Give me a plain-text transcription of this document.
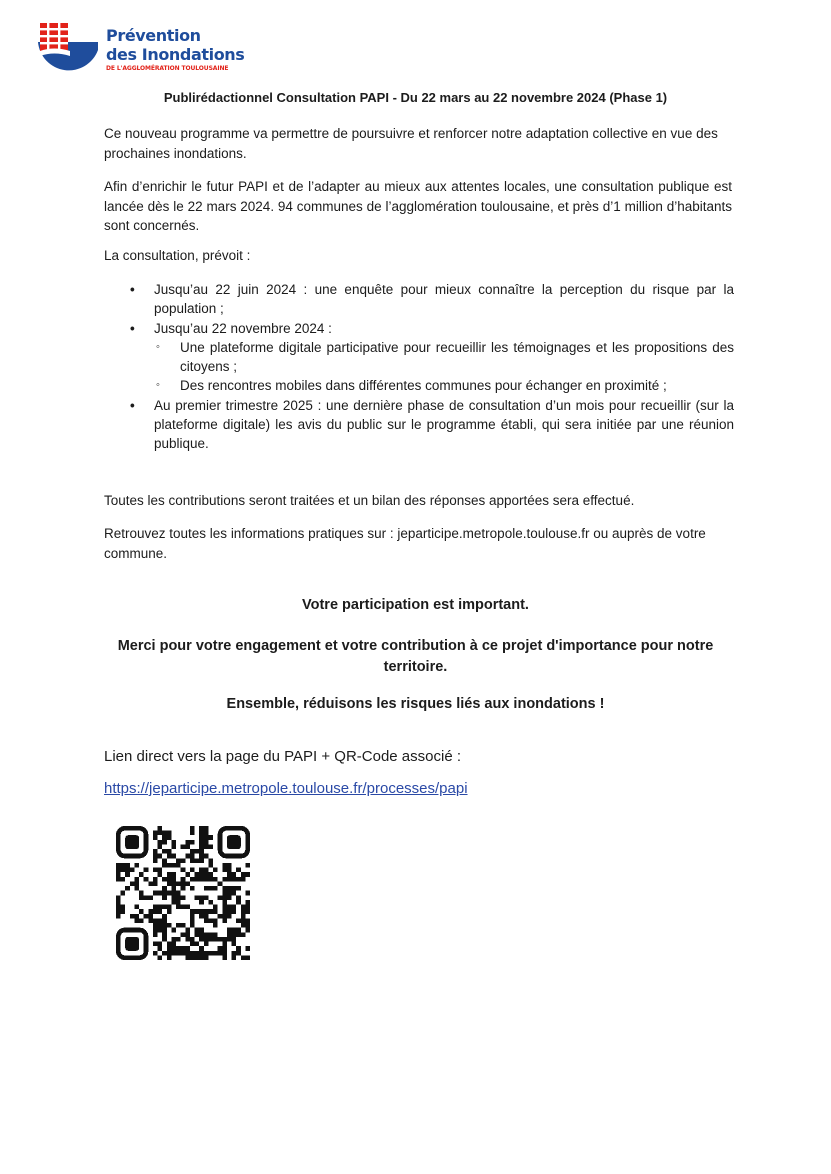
Prévention
des Inondations
DE L'AGGLOMÉRATION TOULOUSAINE
Publirédactionnel Consultation PAPI - Du 22 mars au 22 novembre 2024 (Phase 1)

Ce nouveau programme va permettre de poursuivre et renforcer notre adaptation collective en vue des prochaines inondations.

Afin d’enrichir le futur PAPI et de l’adapter au mieux aux attentes locales, une consultation publique est lancée dès le 22 mars 2024. 94 communes de l’agglomération toulousaine, et près d’1 million d’habitants sont concernés.

La consultation, prévoit :

• Jusqu’au 22 juin 2024 : une enquête pour mieux connaître la perception du risque par la population ;
• Jusqu’au 22 novembre 2024 :
◦ Une plateforme digitale participative pour recueillir les témoignages et les propositions des citoyens ;
◦ Des rencontres mobiles dans différentes communes pour échanger en proximité ;
• Au premier trimestre 2025 : une dernière phase de consultation d’un mois pour recueillir (sur la plateforme digitale) les avis du public sur le programme établi, qui sera initiée par une réunion publique.

Toutes les contributions seront traitées et un bilan des réponses apportées sera effectué.

Retrouvez toutes les informations pratiques sur : jeparticipe.metropole.toulouse.fr ou auprès de votre commune.

Votre participation est important.
Merci pour votre engagement et votre contribution à ce projet d'importance pour notre territoire.
Ensemble, réduisons les risques liés aux inondations !
Lien direct vers la page du PAPI + QR-Code associé :
https://jeparticipe.metropole.toulouse.fr/processes/papi
